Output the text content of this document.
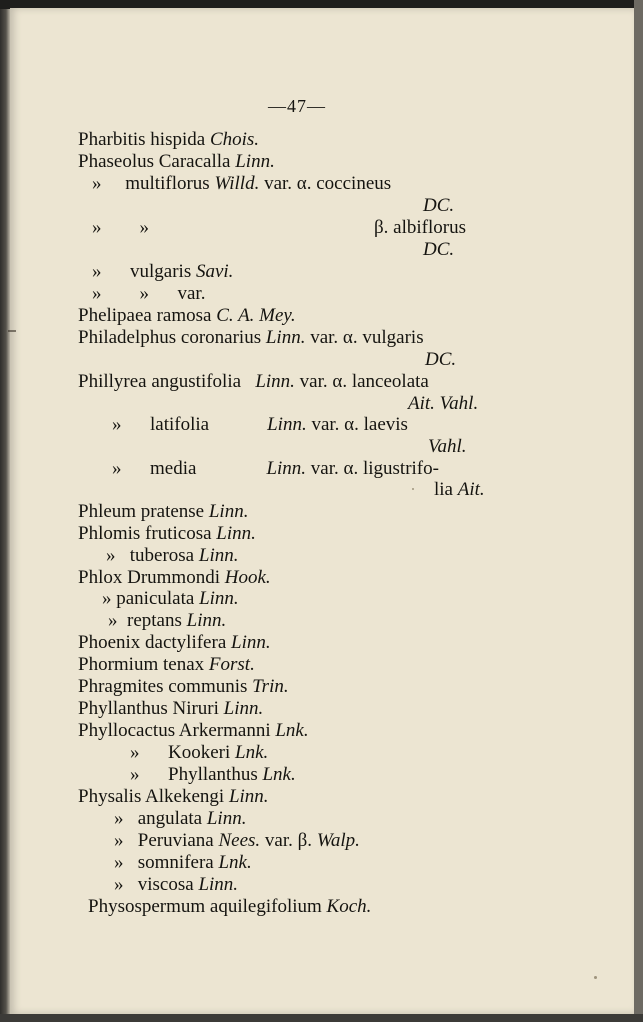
—47—
Pharbitis hispida Chois.
Phaseolus Caracalla Linn.
» multiflorus Willd. var. α. coccineus
DC.
» »	β. albiflorus
DC.
» vulgaris Savi.
» » var.
Phelipaea ramosa C. A. Mey.
Philadelphus coronarius Linn. var. α. vulgaris
DC.
Phillyrea angustifolia Linn. var. α. lanceolata
Ait. Vahl.
» latifolia	Linn. var. α. laevis
Vahl.
» media	Linn. var. α. ligustrifo-
lia Ait.
Phleum pratense Linn.
Phlomis fruticosa Linn.
» tuberosa Linn.
Phlox Drummondi Hook.
» paniculata Linn.
» reptans Linn.
Phoenix dactylifera Linn.
Phormium tenax Forst.
Phragmites communis Trin.
Phyllanthus Niruri Linn.
Phyllocactus Arkermanni Lnk.
» Kookeri Lnk.
» Phyllanthus Lnk.
Physalis Alkekengi Linn.
» angulata Linn.
» Peruviana Nees. var. β. Walp.
» somnifera Lnk.
» viscosa Linn.
Physospermum aquilegifolium Koch.
